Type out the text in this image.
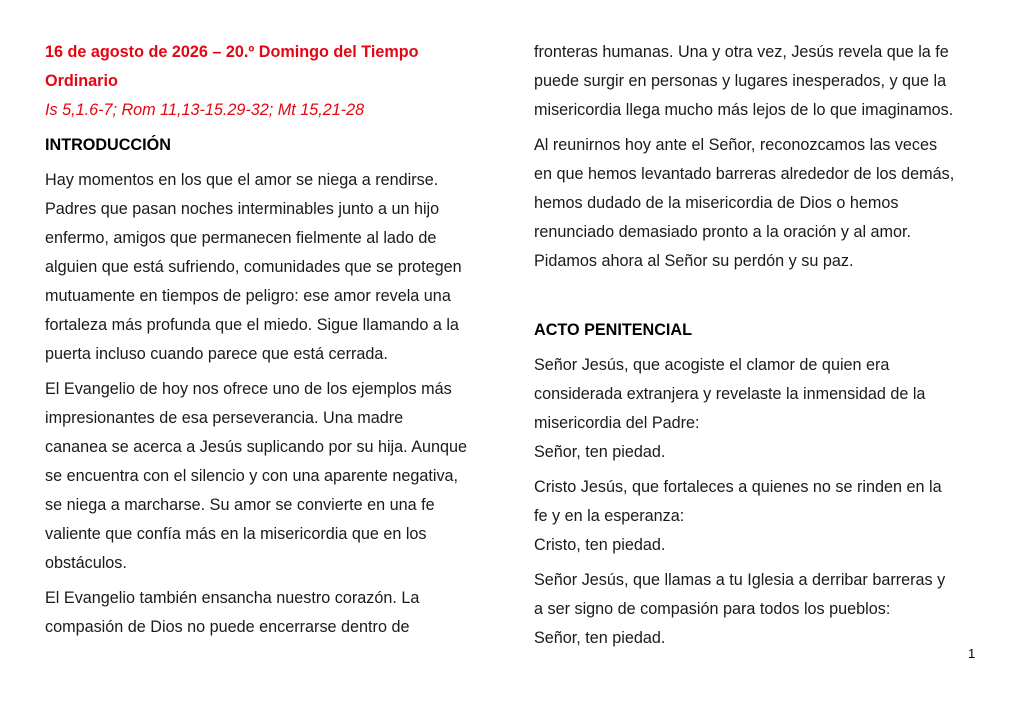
16 de agosto de 2026 – 20.º Domingo del Tiempo

Ordinario

Is 5,1.6-7; Rom 11,13-15.29-32; Mt 15,21-28

INTRODUCCIÓN

Hay momentos en los que el amor se niega a rendirse.

Padres que pasan noches interminables junto a un hijo

enfermo, amigos que permanecen fielmente al lado de

alguien que está sufriendo, comunidades que se protegen

mutuamente en tiempos de peligro: ese amor revela una

fortaleza más profunda que el miedo. Sigue llamando a la

puerta incluso cuando parece que está cerrada.

El Evangelio de hoy nos ofrece uno de los ejemplos más

impresionantes de esa perseverancia. Una madre

cananea se acerca a Jesús suplicando por su hija. Aunque

se encuentra con el silencio y con una aparente negativa,

se niega a marcharse. Su amor se convierte en una fe

valiente que confía más en la misericordia que en los

obstáculos.

El Evangelio también ensancha nuestro corazón. La

compasión de Dios no puede encerrarse dentro de

fronteras humanas. Una y otra vez, Jesús revela que la fe

puede surgir en personas y lugares inesperados, y que la

misericordia llega mucho más lejos de lo que imaginamos.

Al reunirnos hoy ante el Señor, reconozcamos las veces

en que hemos levantado barreras alrededor de los demás,

hemos dudado de la misericordia de Dios o hemos

renunciado demasiado pronto a la oración y al amor.

Pidamos ahora al Señor su perdón y su paz.

ACTO PENITENCIAL

Señor Jesús, que acogiste el clamor de quien era

considerada extranjera y revelaste la inmensidad de la

misericordia del Padre:

Señor, ten piedad.

Cristo Jesús, que fortaleces a quienes no se rinden en la

fe y en la esperanza:

Cristo, ten piedad.

Señor Jesús, que llamas a tu Iglesia a derribar barreras y

a ser signo de compasión para todos los pueblos:

Señor, ten piedad.

1
